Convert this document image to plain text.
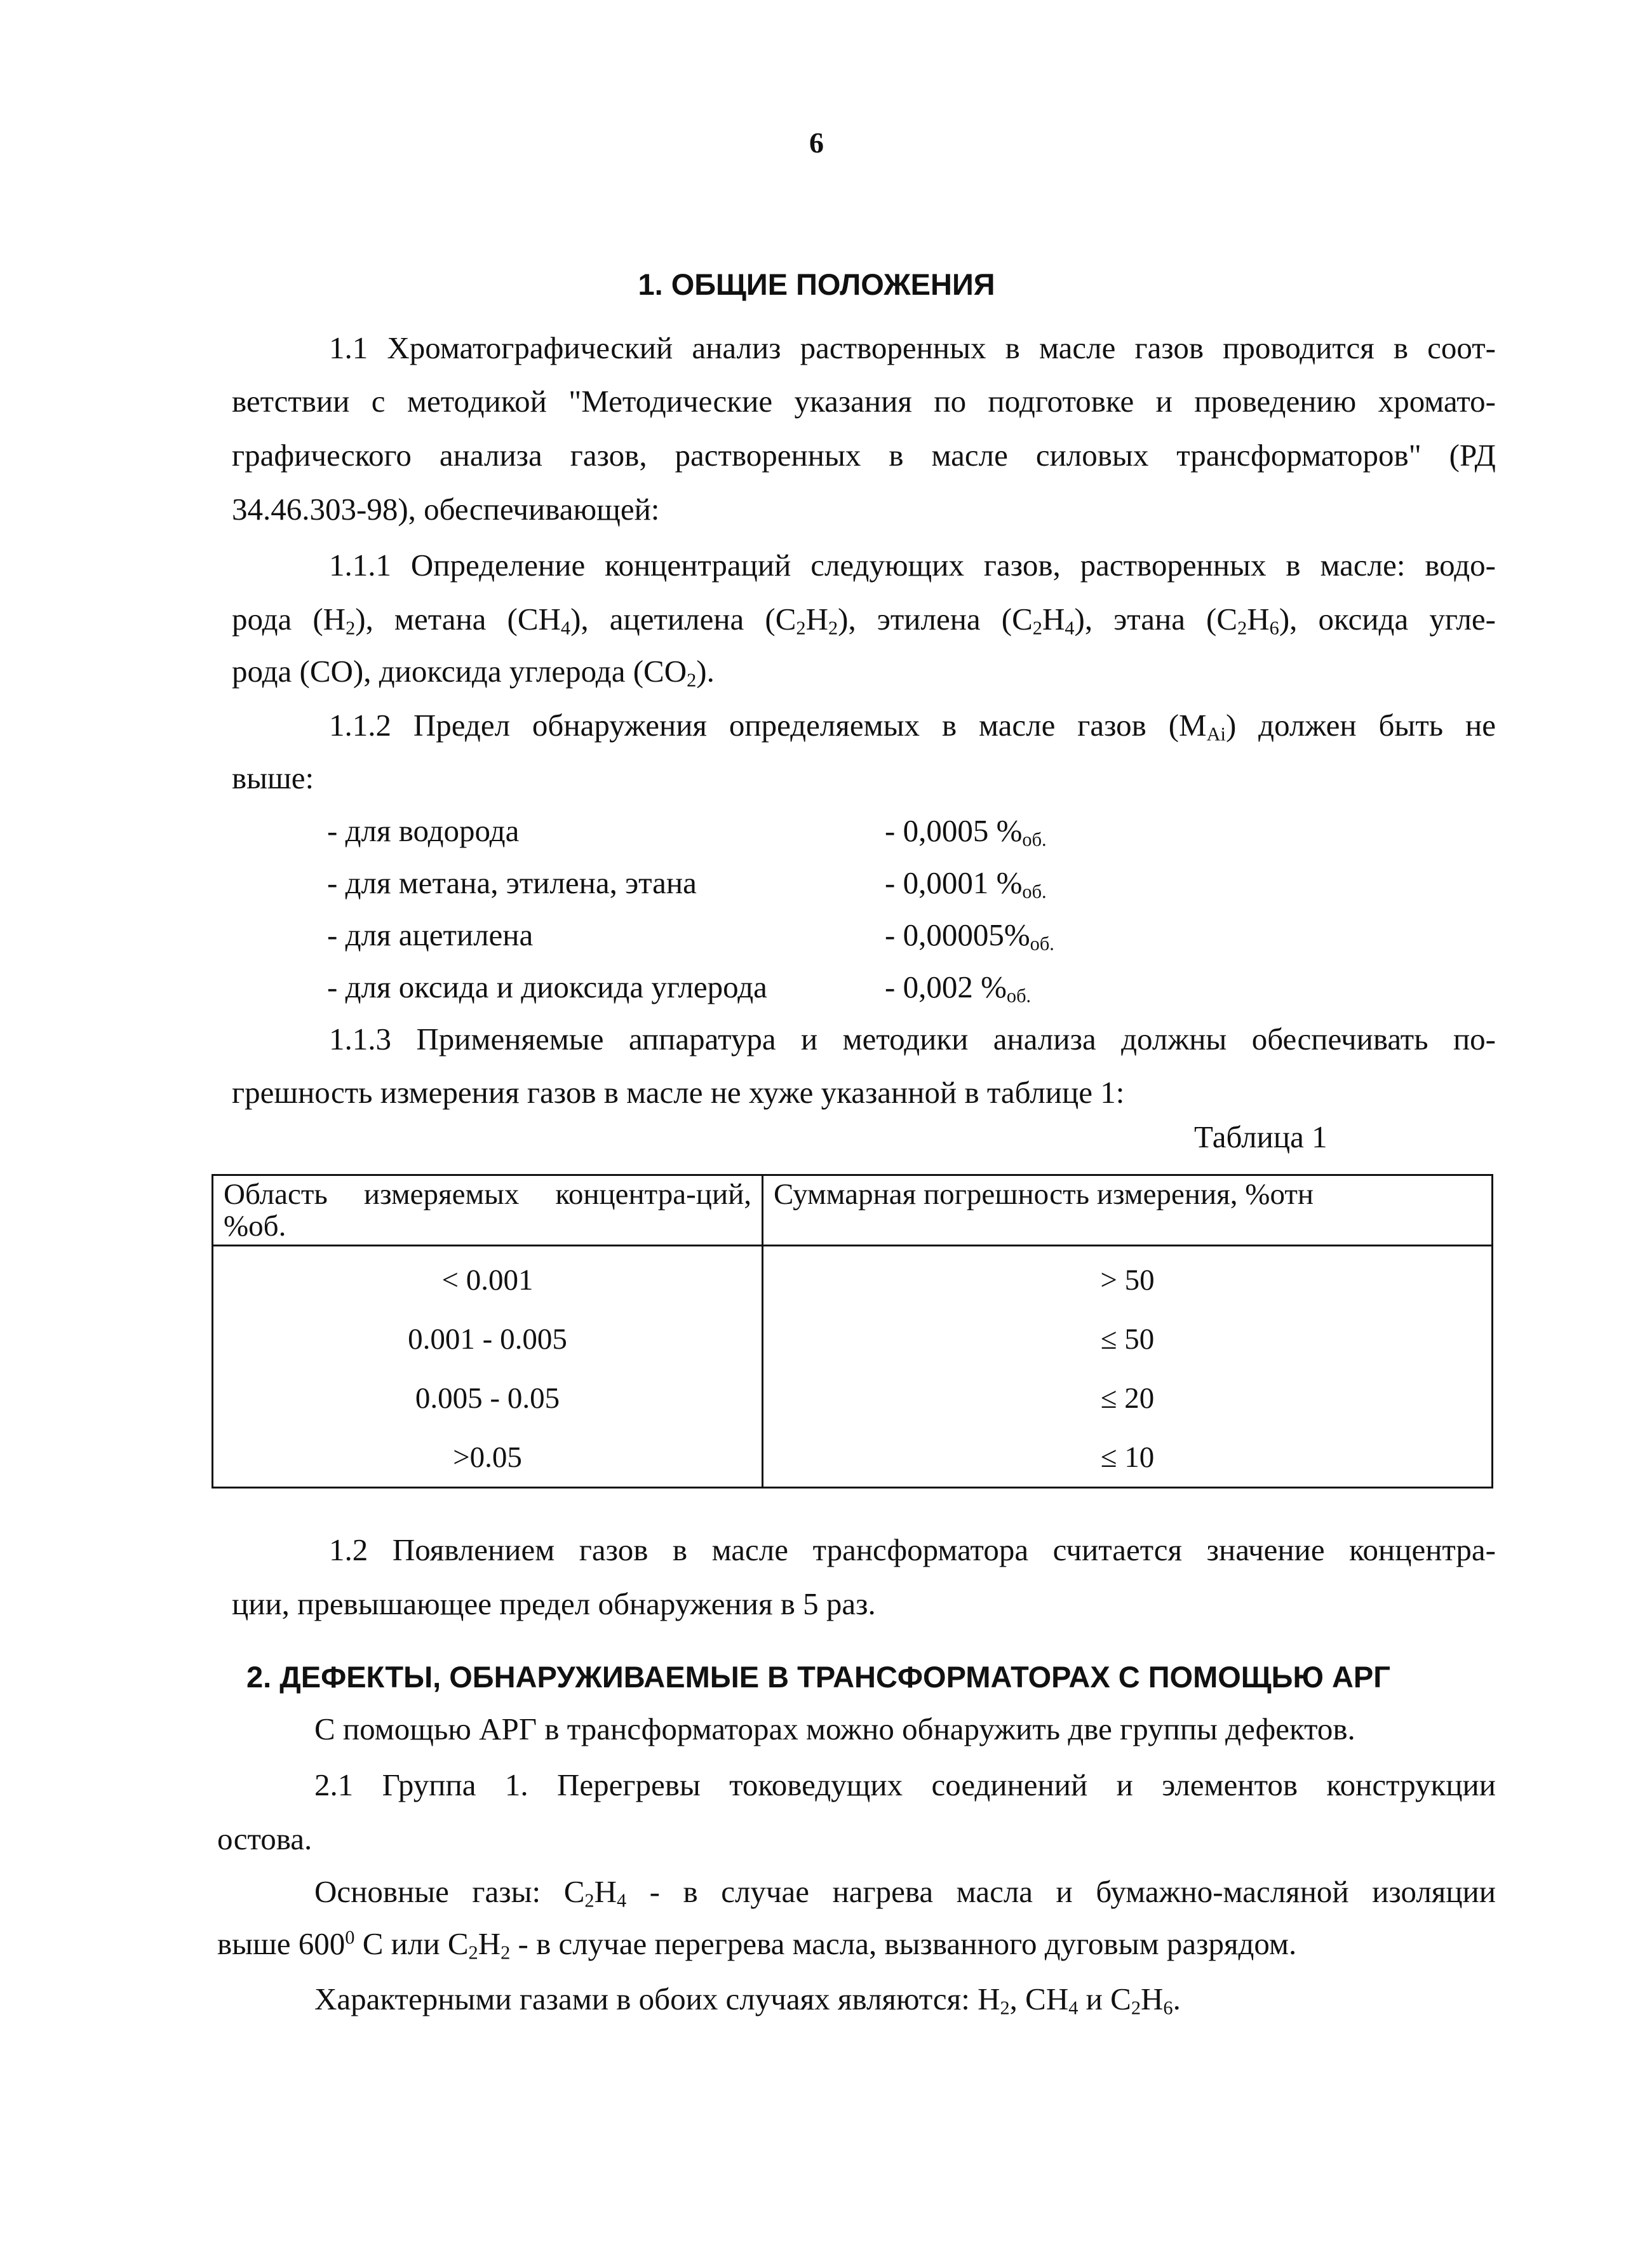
6
1. ОБЩИЕ ПОЛОЖЕНИЯ
1.1 Хроматографический анализ растворенных в масле газов проводится в соот-
ветствии с методикой "Методические указания по подготовке и проведению хромато-
графического анализа газов, растворенных в масле силовых трансформаторов" (РД
34.46.303-98), обеспечивающей:
1.1.1 Определение концентраций следующих газов, растворенных в масле: водо-
рода $(H_2)$, метана $(CH_4)$, ацетилена $(C_2H_2)$, этилена $(C_2H_4)$, этана $(C_2H_6)$, оксида угле-
рода (CO), диоксида углерода $(CO_2)$.
1.1.2 Предел обнаружения определяемых в масле газов $(M_{Ai})$ должен быть не
выше:
- для водорода	- 0,0005 $\%_{об.}$
- для метана, этилена, этана	- 0,0001 $\%_{об.}$
- для ацетилена	- $0,00005\%_{об.}$
- для оксида и диоксида углерода	- 0,002 $\%_{об.}$
1.1.3 Применяемые аппаратура и методики анализа должны обеспечивать по-
грешность измерения газов в масле не хуже указанной в таблице 1:
Таблица 1
Область измеряемых концентра-ций, %об.	Суммарная погрешность измерения, %отн
< 0.001	> 50
0.001 - 0.005	≤ 50
0.005 - 0.05	≤ 20
>0.05	≤ 10
1.2 Появлением газов в масле трансформатора считается значение концентра-
ции, превышающее предел обнаружения в 5 раз.
2. ДЕФЕКТЫ, ОБНАРУЖИВАЕМЫЕ В ТРАНСФОРМАТОРАХ С ПОМОЩЬЮ АРГ
С помощью АРГ в трансформаторах можно обнаружить две группы дефектов.
2.1 Группа 1. Перегревы токоведущих соединений и элементов конструкции
остова.
Основные газы: $C_2H_4$ - в случае нагрева масла и бумажно-масляной изоляции
выше $600^0$ C или $C_2H_2$ - в случае перегрева масла, вызванного дуговым разрядом.
Характерными газами в обоих случаях являются: $H_2$, $CH_4$ и $C_2H_6$.
